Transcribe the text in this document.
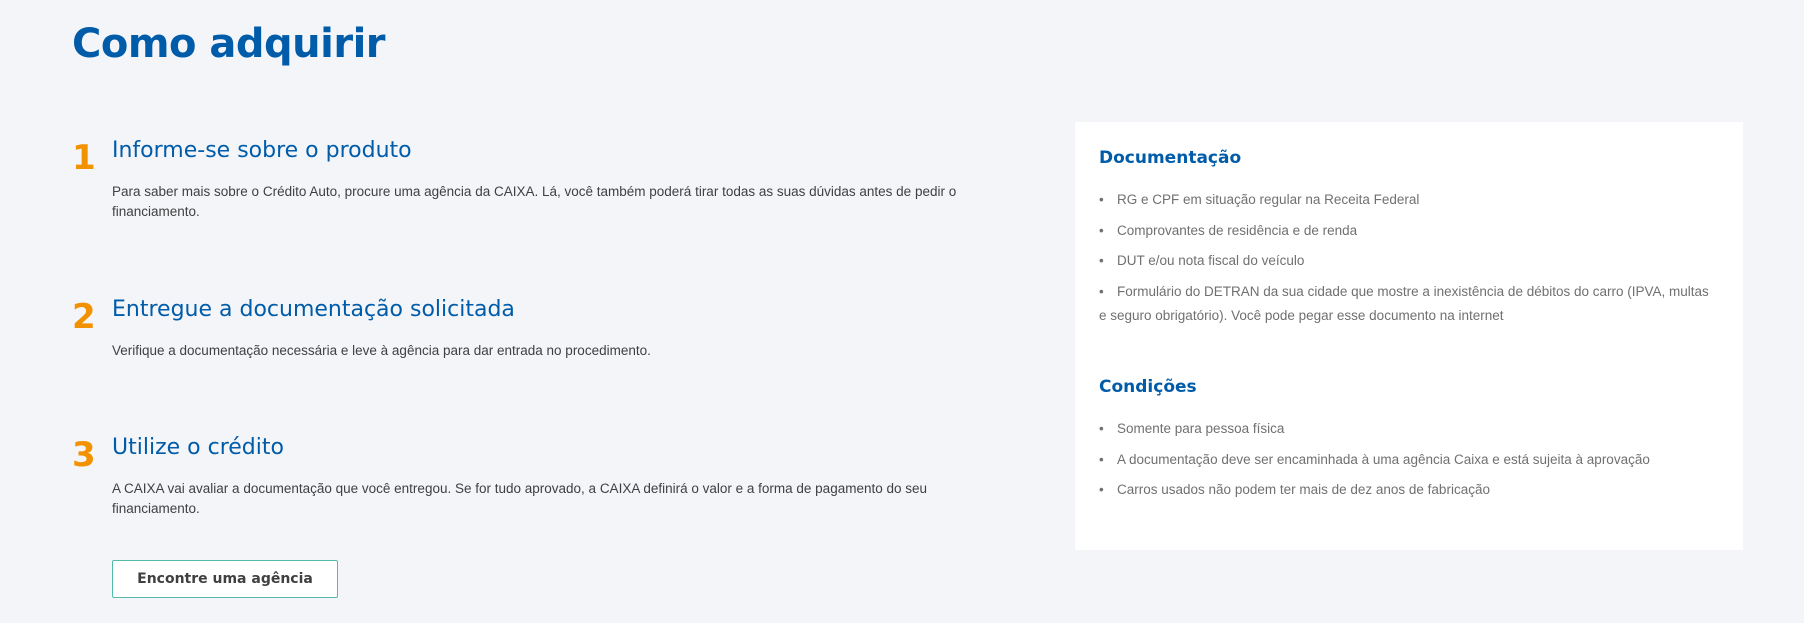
Como adquirir
1 Informe-se sobre o produto

Para saber mais sobre o Crédito Auto, procure uma agência da CAIXA. Lá, você também poderá tirar todas as suas dúvidas antes de pedir o financiamento.

2 Entregue a documentação solicitada

Verifique a documentação necessária e leve à agência para dar entrada no procedimento.

3 Utilize o crédito

A CAIXA vai avaliar a documentação que você entregou. Se for tudo aprovado, a CAIXA definirá o valor e a forma de pagamento do seu financiamento.

Encontre uma agência
Documentação
• RG e CPF em situação regular na Receita Federal
• Comprovantes de residência e de renda
• DUT e/ou nota fiscal do veículo
• Formulário do DETRAN da sua cidade que mostre a inexistência de débitos do carro (IPVA, multas e seguro obrigatório). Você pode pegar esse documento na internet
Condições
• Somente para pessoa física
• A documentação deve ser encaminhada à uma agência Caixa e está sujeita à aprovação
• Carros usados não podem ter mais de dez anos de fabricação
